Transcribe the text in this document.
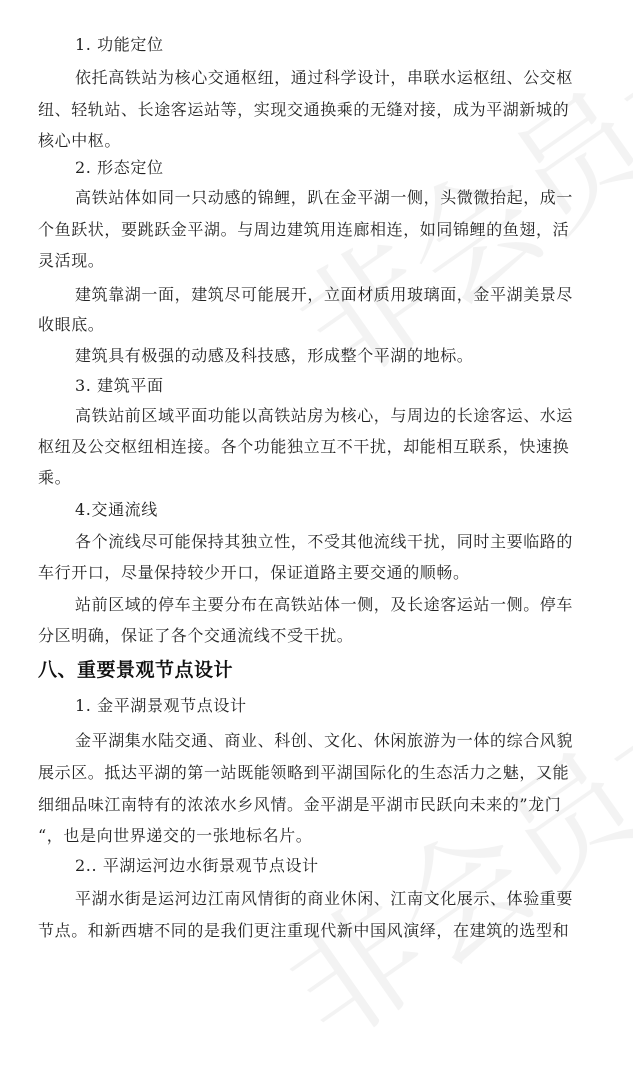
1. 功能定位
依托高铁站为核心交通枢纽，通过科学设计，串联水运枢纽、公交枢
纽、轻轨站、长途客运站等，实现交通换乘的无缝对接，成为平湖新城的
核心中枢。
2. 形态定位
高铁站体如同一只动感的锦鲤，趴在金平湖一侧，头微微抬起，成一
个鱼跃状，要跳跃金平湖。与周边建筑用连廊相连，如同锦鲤的鱼翅，活
灵活现。
建筑靠湖一面，建筑尽可能展开，立面材质用玻璃面，金平湖美景尽
收眼底。
建筑具有极强的动感及科技感，形成整个平湖的地标。
3. 建筑平面
高铁站前区域平面功能以高铁站房为核心，与周边的长途客运、水运
枢纽及公交枢纽相连接。各个功能独立互不干扰，却能相互联系，快速换
乘。
4.交通流线
各个流线尽可能保持其独立性，不受其他流线干扰，同时主要临路的
车行开口，尽量保持较少开口，保证道路主要交通的顺畅。
站前区域的停车主要分布在高铁站体一侧，及长途客运站一侧。停车
分区明确，保证了各个交通流线不受干扰。
八、重要景观节点设计
1. 金平湖景观节点设计
金平湖集水陆交通、商业、科创、文化、休闲旅游为一体的综合风貌
展示区。抵达平湖的第一站既能领略到平湖国际化的生态活力之魅，又能
细细品味江南特有的浓浓水乡风情。金平湖是平湖市民跃向未来的”龙门
“，也是向世界递交的一张地标名片。
2.. 平湖运河边水街景观节点设计
平湖水街是运河边江南风情街的商业休闲、江南文化展示、体验重要
节点。和新西塘不同的是我们更注重现代新中国风演绎，在建筑的选型和
